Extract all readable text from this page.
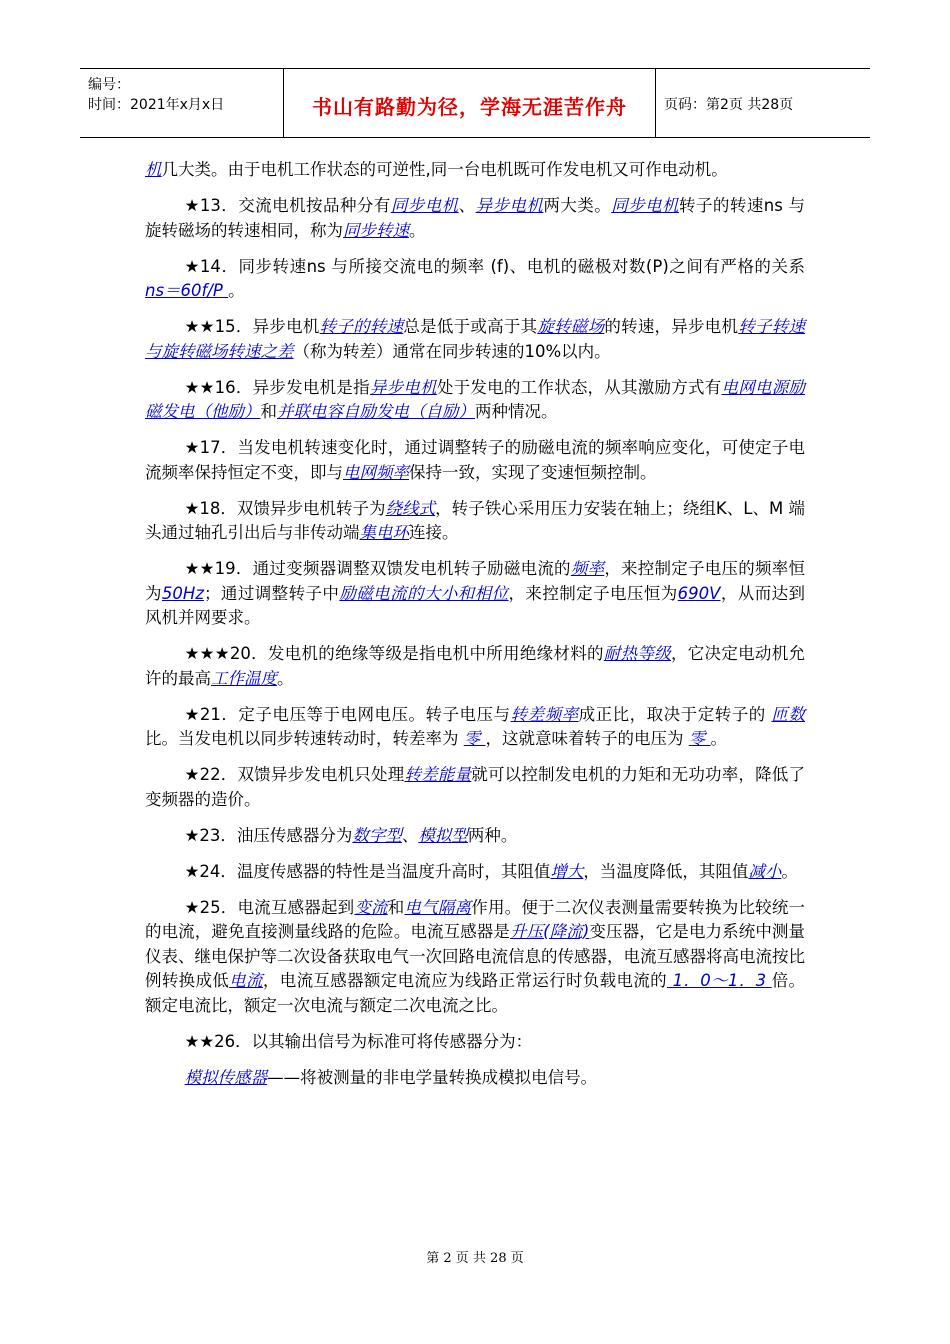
编号：
时间：2021年x月x日	书山有路勤为径，学海无涯苦作舟	页码：第2页 共28页

机几大类。由于电机工作状态的可逆性,同一台电机既可作发电机又可作电动机。

★13．交流电机按品种分有同步电机、异步电机两大类。同步电机转子的转速ns 与旋转磁场的转速相同，称为同步转速。

★14．同步转速ns 与所接交流电的频率 (f)、电机的磁极对数(P)之间有严格的关系 ns＝60f/P 。

★★15．异步电机转子的转速总是低于或高于其旋转磁场的转速，异步电机转子转速与旋转磁场转速之差（称为转差）通常在同步转速的10%以内。

★★16．异步发电机是指异步电机处于发电的工作状态，从其激励方式有电网电源励磁发电（他励）和并联电容自励发电（自励）两种情况。

★17．当发电机转速变化时，通过调整转子的励磁电流的频率响应变化，可使定子电流频率保持恒定不变，即与电网频率保持一致，实现了变速恒频控制。

★18．双馈异步电机转子为绕线式，转子铁心采用压力安装在轴上；绕组K、L、M 端头通过轴孔引出后与非传动端集电环连接。

★★19．通过变频器调整双馈发电机转子励磁电流的频率，来控制定子电压的频率恒为50Hz；通过调整转子中励磁电流的大小和相位，来控制定子电压恒为690V，从而达到风机并网要求。

★★★20．发电机的绝缘等级是指电机中所用绝缘材料的耐热等级，它决定电动机允许的最高工作温度。

★21．定子电压等于电网电压。转子电压与转差频率成正比，取决于定转子的 匝数 比。当发电机以同步转速转动时，转差率为 零 ，这就意味着转子的电压为 零 。

★22．双馈异步发电机只处理转差能量就可以控制发电机的力矩和无功功率，降低了变频器的造价。

★23．油压传感器分为数字型、模拟型两种。

★24．温度传感器的特性是当温度升高时，其阻值增大，当温度降低，其阻值减小。

★25．电流互感器起到变流和电气隔离作用。便于二次仪表测量需要转换为比较统一的电流，避免直接测量线路的危险。电流互感器是升压(降流)变压器，它是电力系统中测量仪表、继电保护等二次设备获取电气一次回路电流信息的传感器，电流互感器将高电流按比例转换成低电流，电流互感器额定电流应为线路正常运行时负载电流的 1．0～1．3 倍。额定电流比，额定一次电流与额定二次电流之比。

★★26．以其输出信号为标准可将传感器分为：

模拟传感器——将被测量的非电学量转换成模拟电信号。

第 2 页 共 28 页
